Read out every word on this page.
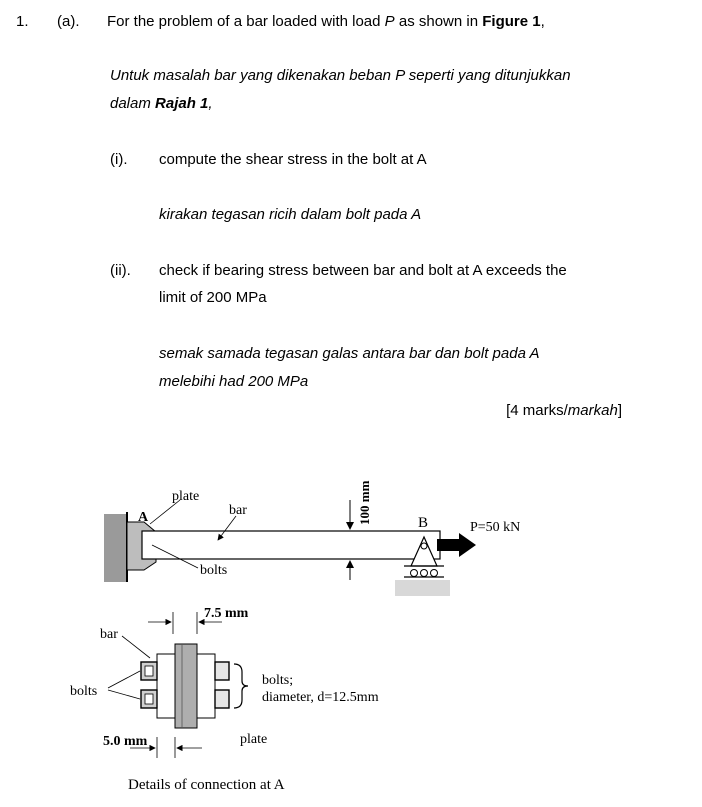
1. (a). For the problem of a bar loaded with load P as shown in Figure 1,
Untuk masalah bar yang dikenakan beban P seperti yang ditunjukkan
dalam Rajah 1,
(i). compute the shear stress in the bolt at A
kirakan tegasan ricih dalam bolt pada A
(ii). check if bearing stress between bar and bolt at A exceeds the
limit of 200 MPa
semak samada tegasan galas antara bar dan bolt pada A
melebihi had 200 MPa
[4 marks/markah]
A
plate
bar
bolts
100 mm	B	P=50 kN
bar
bolts
7.5 mm
5.0 mm
bolts;
diameter, d=12.5mm
plate
Details of connection at A
